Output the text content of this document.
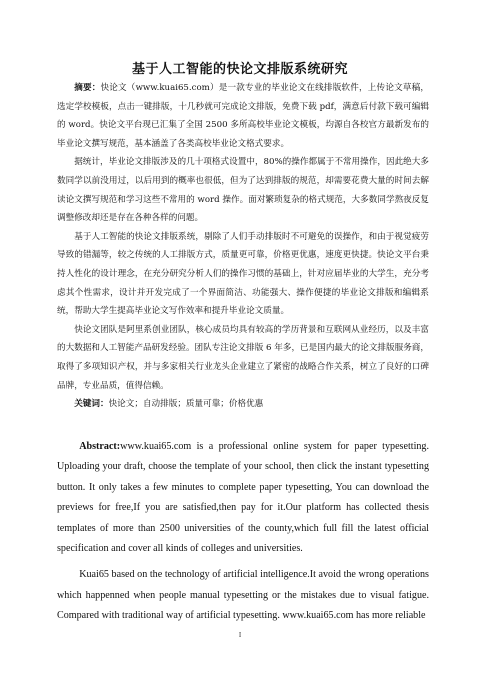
基于人工智能的快论文排版系统研究

摘要：快论文（www.kuai65.com）是一款专业的毕业论文在线排版软件，上传论文草稿，选定学校模板，点击一键排版，十几秒就可完成论文排版，免费下载 pdf，满意后付款下载可编辑的 word。快论文平台现已汇集了全国 2500 多所高校毕业论文模板，均源自各校官方最新发布的毕业论文撰写规范，基本涵盖了各类高校毕业论文格式要求。

据统计，毕业论文排版涉及的几十项格式设置中，80%的操作都属于不常用操作，因此绝大多数同学以前没用过，以后用到的概率也很低，但为了达到排版的规范，却需要花费大量的时间去解读论文撰写规范和学习这些不常用的 word 操作。面对繁琐复杂的格式规范，大多数同学熬夜反复调整修改却还是存在各种各样的问题。

基于人工智能的快论文排版系统，剔除了人们手动排版时不可避免的误操作，和由于视觉疲劳导致的错漏等，较之传统的人工排版方式，质量更可靠，价格更优惠，速度更快捷。快论文平台秉持人性化的设计理念，在充分研究分析人们的操作习惯的基础上，针对应届毕业的大学生，充分考虑其个性需求，设计并开发完成了一个界面简洁、功能强大、操作便捷的毕业论文排版和编辑系统，帮助大学生提高毕业论文写作效率和提升毕业论文质量。

快论文团队是阿里系创业团队，核心成员均具有较高的学历背景和互联网从业经历，以及丰富的大数据和人工智能产品研发经验。团队专注论文排版 6 年多，已是国内最大的论文排版服务商，取得了多项知识产权，并与多家相关行业龙头企业建立了紧密的战略合作关系，树立了良好的口碑品牌，专业品质，值得信赖。

关键词：快论文；自动排版；质量可靠；价格优惠

Abstract:www.kuai65.com is a professional online system for paper typesetting. Uploading your draft, choose the template of your school, then click the instant typesetting button. It only takes a few minutes to complete paper typesetting, You can download the previews for free,If you are satisfied,then pay for it.Our platform has collected thesis templates of more than 2500 universities of the county,which full fill the latest official specification and cover all kinds of colleges and universities.

Kuai65 based on the technology of artificial intelligence.It avoid the wrong operations which happenned when people manual typesetting or the mistakes due to visual fatigue. Compared with traditional way of artificial typesetting. www.kuai65.com has more reliable

I
